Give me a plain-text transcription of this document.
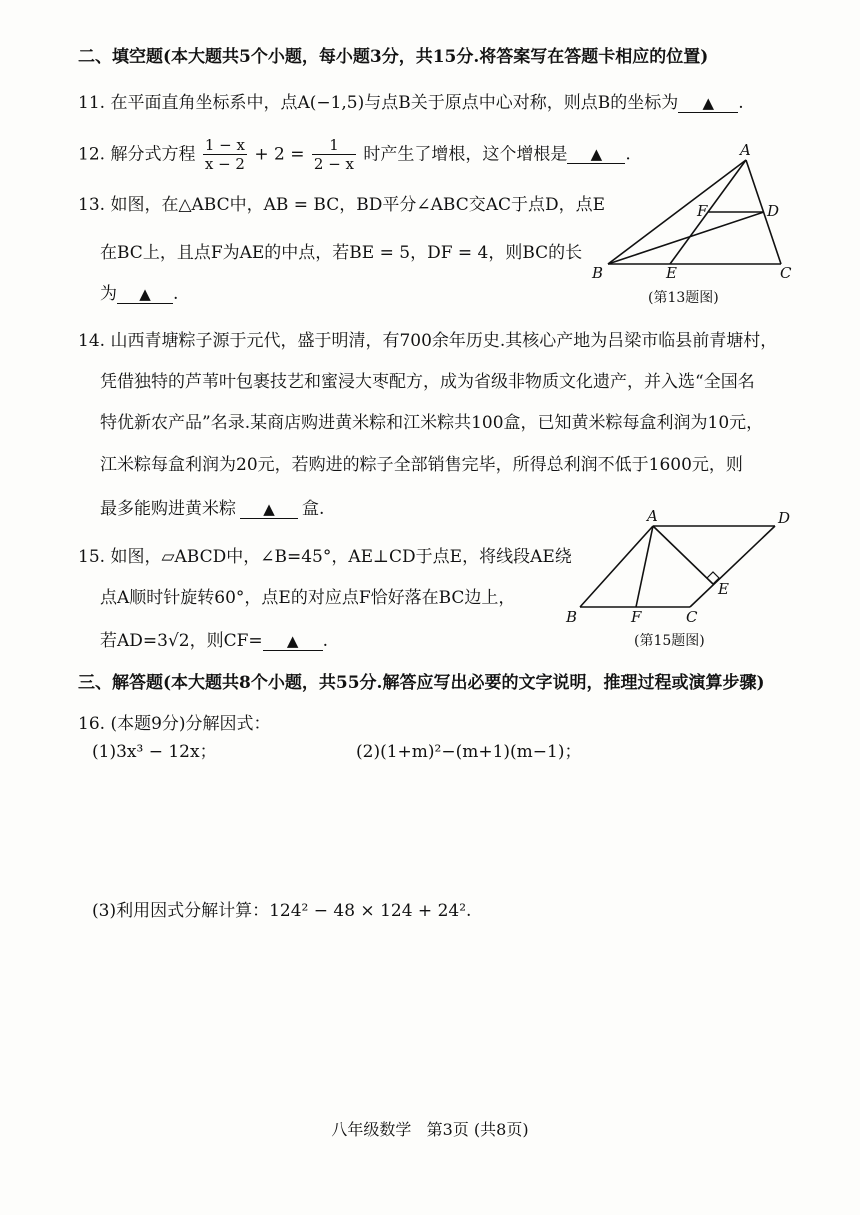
二、填空题(本大题共5个小题，每小题3分，共15分.将答案写在答题卡相应的位置)
11. 在平面直角坐标系中，点A(−1,5)与点B关于原点中心对称，则点B的坐标为 ▲ .
12. 解分式方程 $\frac{1 - x}{x - 2} + 2 = \frac{1}{2 - x}$ 时产生了增根，这个增根是 ▲ .
13. 如图，在△ABC中，AB = BC，BD平分∠ABC交AC于点D，点E
在BC上，且点F为AE的中点，若BE = 5，DF = 4，则BC的长
为 ▲ .
A
B	C
D
E
F
(第13题图)
14. 山西青塘粽子源于元代，盛于明清，有700余年历史.其核心产地为吕梁市临县前青塘村，
凭借独特的芦苇叶包裹技艺和蜜浸大枣配方，成为省级非物质文化遗产，并入选“全国名
特优新农产品”名录.某商店购进黄米粽和江米粽共100盒，已知黄米粽每盒利润为10元，
江米粽每盒利润为20元，若购进的粽子全部销售完毕，所得总利润不低于1600元，则
最多能购进黄米粽 ▲ 盒.
15. 如图，▱ABCD中，∠B=45°，AE⊥CD于点E，将线段AE绕
点A顺时针旋转60°，点E的对应点F恰好落在BC边上，
若AD=3√2，则CF= ▲ .
A	D
B	F	C
E
(第15题图)
三、解答题(本大题共8个小题，共55分.解答应写出必要的文字说明，推理过程或演算步骤)
16. (本题9分)分解因式：
(1)3x³ − 12x；	(2)(1+m)²−(m+1)(m−1)；
(3)利用因式分解计算：124² − 48 × 124 + 24².
八年级数学   第3页 (共8页)
